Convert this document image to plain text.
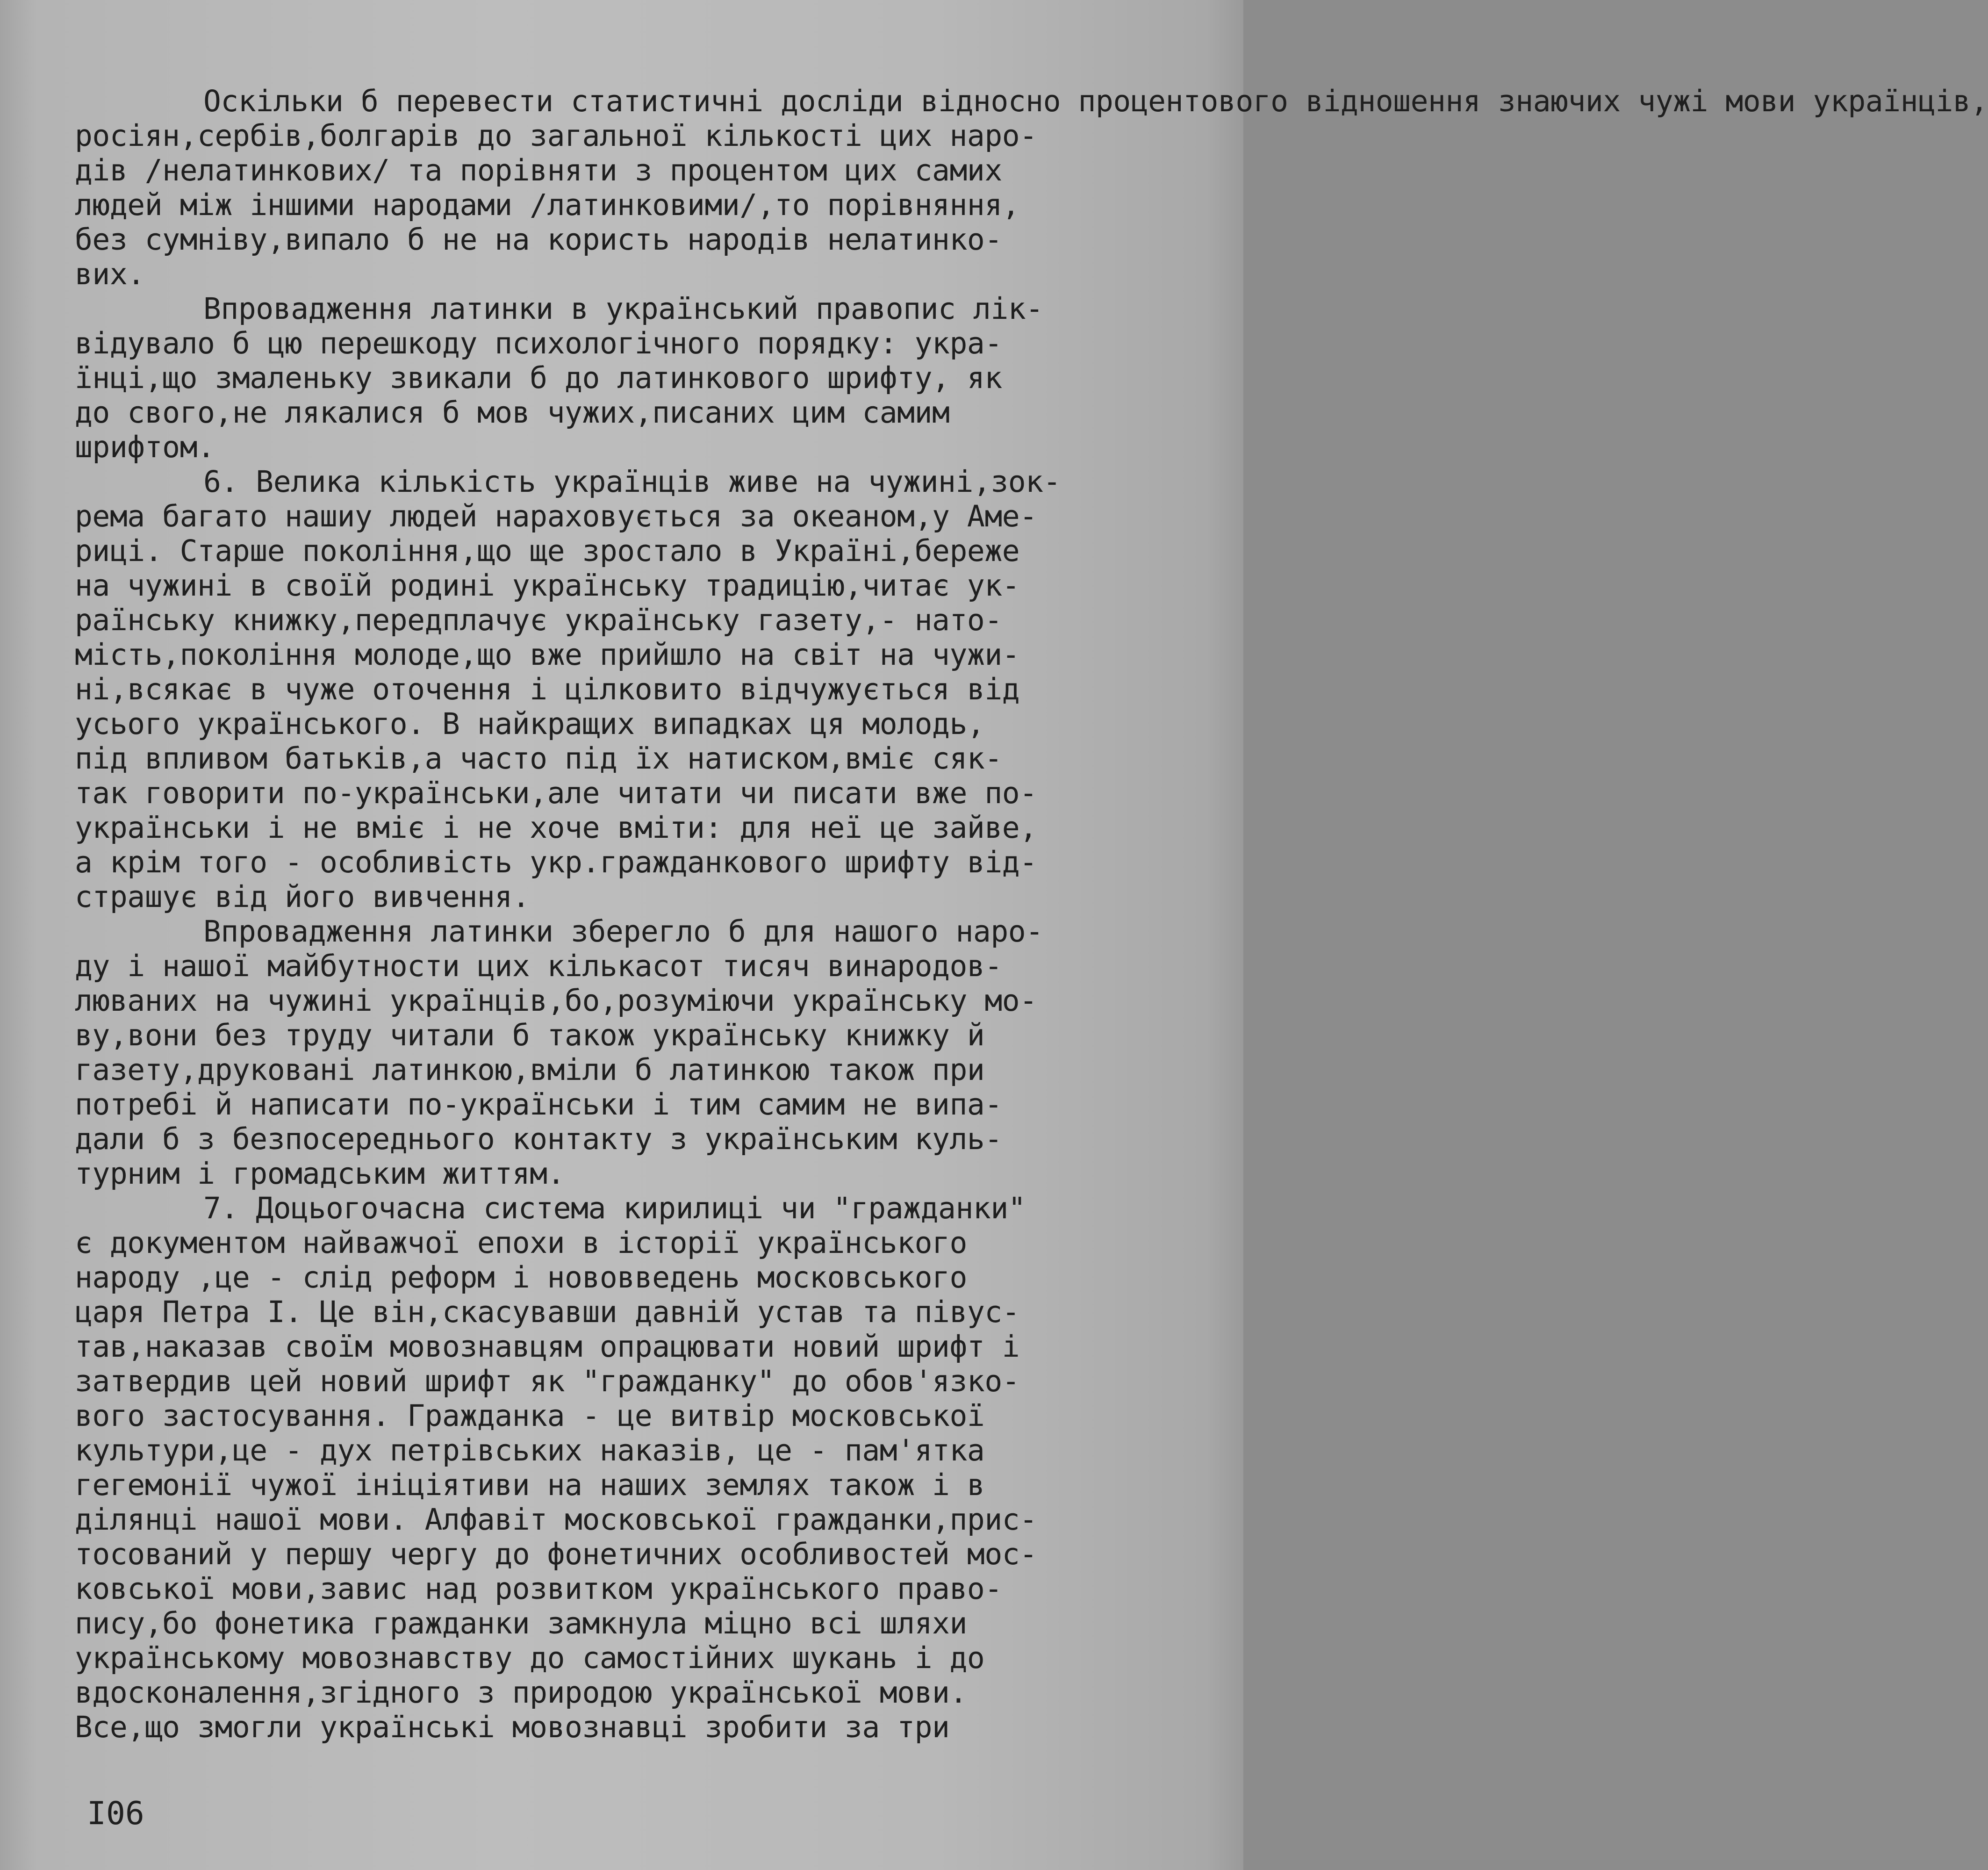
Оскільки б перевести статистичні досліди відносно процентового відношення знаючих чужі мови українців,
росіян,сербів,болгарів до загальної кількості цих наро-
дів /нелатинкових/ та порівняти з процентом цих самих
людей між іншими народами /латинковими/,то порівняння,
без сумніву,випало б не на користь народів нелатинко-
вих.
Впровадження латинки в український правопис лік-
відувало б цю перешкоду психологічного порядку: укра-
їнці,що змаленьку звикали б до латинкового шрифту, як
до свого,не лякалися б мов чужих,писаних цим самим
шрифтом.
6. Велика кількість українців живе на чужині,зок-
рема багато нашиу людей нараховується за океаном,у Аме-
риці. Старше покоління,що ще зростало в Україні,береже
на чужині в своїй родині українську традицію,читає ук-
раїнську книжку,передплачує українську газету,- нато-
мість,покоління молоде,що вже прийшло на світ на чужи-
ні,всякає в чуже оточення і цілковито відчужується від
усього українського. В найкращих випадках ця молодь,
під впливом батьків,а часто під їх натиском,вміє сяк-
так говорити по-українськи,але читати чи писати вже по-
українськи і не вміє і не хоче вміти: для неї це зайве,
а крім того - особливість укр.гражданкового шрифту від-
страшує від його вивчення.
Впровадження латинки зберегло б для нашого наро-
ду і нашої майбутности цих кількасот тисяч винародов-
люваних на чужині українців,бо,розуміючи українську мо-
ву,вони без труду читали б також українську книжку й
газету,друковані латинкою,вміли б латинкою також при
потребі й написати по-українськи і тим самим не випа-
дали б з безпосереднього контакту з українським куль-
турним і громадським життям.
7. Доцьогочасна система кирилиці чи "гражданки"
є документом найважчої епохи в історії українського
народу ,це - слід реформ і нововведень московського
царя Петра I. Це він,скасувавши давній устав та півус-
тав,наказав своїм мовознавцям опрацювати новий шрифт і
затвердив цей новий шрифт як "гражданку" до обов'язко-
вого застосування. Гражданка - це витвір московської
культури,це - дух петрівських наказів, це - пам'ятка
гегемонії чужої ініціятиви на наших землях також і в
ділянці нашої мови. Алфавіт московської гражданки,прис-
тосований у першу чергу до фонетичних особливостей мос-
ковської мови,завис над розвитком українського право-
пису,бо фонетика гражданки замкнула міцно всі шляхи
українському мовознавству до самостійних шукань і до
вдосконалення,згідного з природою української мови.
Все,що змогли українські мовознавці зробити за три
I06
